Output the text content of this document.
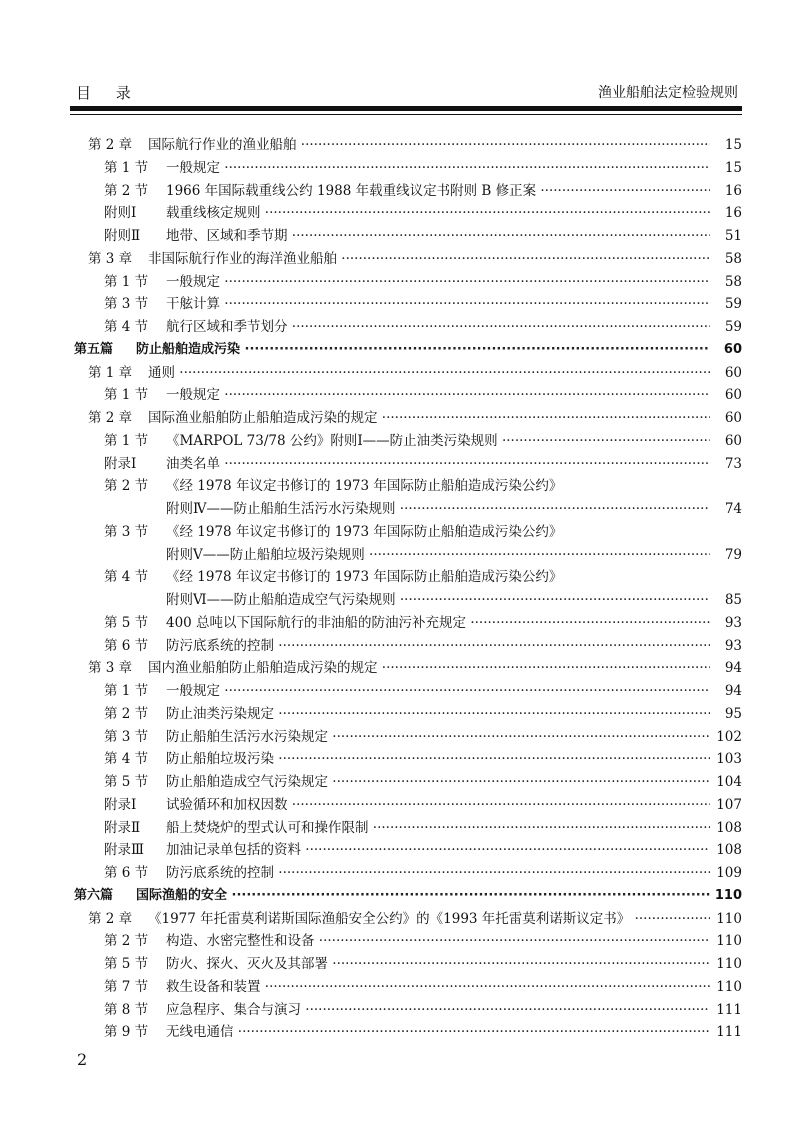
目 录	渔业船舶法定检验规则
第 2 章 国际航行作业的渔业船舶 ·····	15
第 1 节 一般规定 ·····	15
第 2 节 1966 年国际载重线公约 1988 年载重线议定书附则 B 修正案 ·····	16
附则Ⅰ 载重线核定规则 ·····	16
附则Ⅱ 地带、区域和季节期 ·····	51
第 3 章 非国际航行作业的海洋渔业船舶 ·····	58
第 1 节 一般规定 ·····	58
第 3 节 干舷计算 ·····	59
第 4 节 航行区域和季节划分 ·····	59
第五篇 防止船舶造成污染 ·····	60
第 1 章 通则 ·····	60
第 1 节 一般规定 ·····	60
第 2 章 国际渔业船舶防止船舶造成污染的规定 ·····	60
第 1 节 《MARPOL 73/78 公约》附则Ⅰ——防止油类污染规则 ·····	60
附录Ⅰ 油类名单 ·····	73
第 2 节 《经 1978 年议定书修订的 1973 年国际防止船舶造成污染公约》
附则Ⅳ——防止船舶生活污水污染规则 ·····	74
第 3 节 《经 1978 年议定书修订的 1973 年国际防止船舶造成污染公约》
附则Ⅴ——防止船舶垃圾污染规则 ·····	79
第 4 节 《经 1978 年议定书修订的 1973 年国际防止船舶造成污染公约》
附则Ⅵ——防止船舶造成空气污染规则 ·····	85
第 5 节 400 总吨以下国际航行的非油船的防油污补充规定 ·····	93
第 6 节 防污底系统的控制 ·····	93
第 3 章 国内渔业船舶防止船舶造成污染的规定 ·····	94
第 1 节 一般规定 ·····	94
第 2 节 防止油类污染规定 ·····	95
第 3 节 防止船舶生活污水污染规定 ·····	102
第 4 节 防止船舶垃圾污染 ·····	103
第 5 节 防止船舶造成空气污染规定 ·····	104
附录Ⅰ 试验循环和加权因数 ·····	107
附录Ⅱ 船上焚烧炉的型式认可和操作限制 ·····	108
附录Ⅲ 加油记录单包括的资料 ·····	108
第 6 节 防污底系统的控制 ·····	109
第六篇 国际渔船的安全 ·····	110
第 2 章 《1977 年托雷莫利诺斯国际渔船安全公约》的《1993 年托雷莫利诺斯议定书》 ·····	110
第 2 节 构造、水密完整性和设备 ·····	110
第 5 节 防火、探火、灭火及其部署 ·····	110
第 7 节 救生设备和装置 ·····	110
第 8 节 应急程序、集合与演习 ·····	111
第 9 节 无线电通信 ·····	111
2
